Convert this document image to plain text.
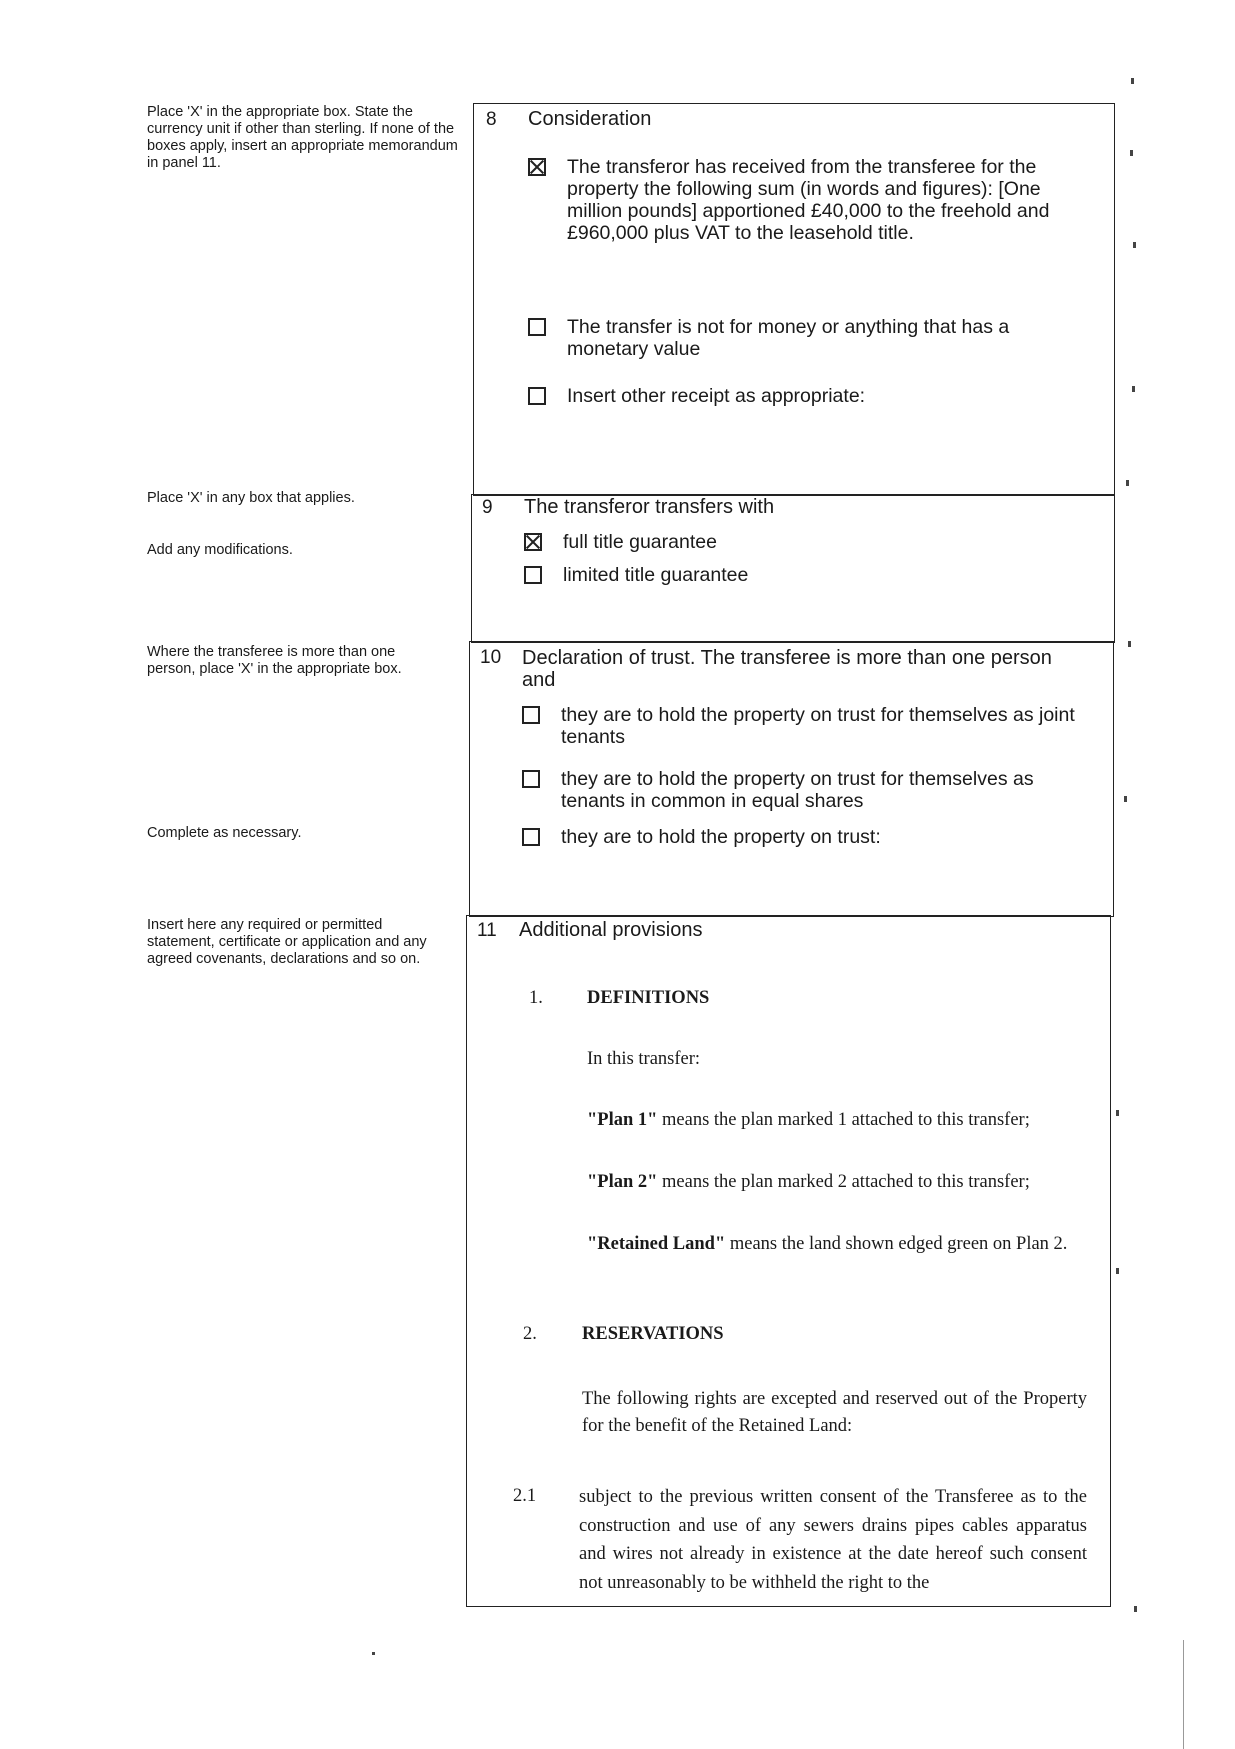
Place 'X' in the appropriate box. State the currency unit if other than sterling. If none of the boxes apply, insert an appropriate memorandum in panel 11.
Place 'X' in any box that applies.
Add any modifications.
Where the transferee is more than one person, place 'X' in the appropriate box.
Complete as necessary.
Insert here any required or permitted statement, certificate or application and any agreed covenants, declarations and so on.
8 Consideration
The transferor has received from the transferee for the property the following sum (in words and figures): [One million pounds] apportioned £40,000 to the freehold and £960,000 plus VAT to the leasehold title.
The transfer is not for money or anything that has a monetary value
Insert other receipt as appropriate:
9 The transferor transfers with
full title guarantee
limited title guarantee
10 Declaration of trust. The transferee is more than one person and
they are to hold the property on trust for themselves as joint tenants
they are to hold the property on trust for themselves as tenants in common in equal shares
they are to hold the property on trust:
11 Additional provisions
1. DEFINITIONS
In this transfer:
"Plan 1" means the plan marked 1 attached to this transfer;
"Plan 2" means the plan marked 2 attached to this transfer;
"Retained Land" means the land shown edged green on Plan 2.
2. RESERVATIONS
The following rights are excepted and reserved out of the Property for the benefit of the Retained Land:
2.1 subject to the previous written consent of the Transferee as to the construction and use of any sewers drains pipes cables apparatus and wires not already in existence at the date hereof such consent not unreasonably to be withheld the right to the
